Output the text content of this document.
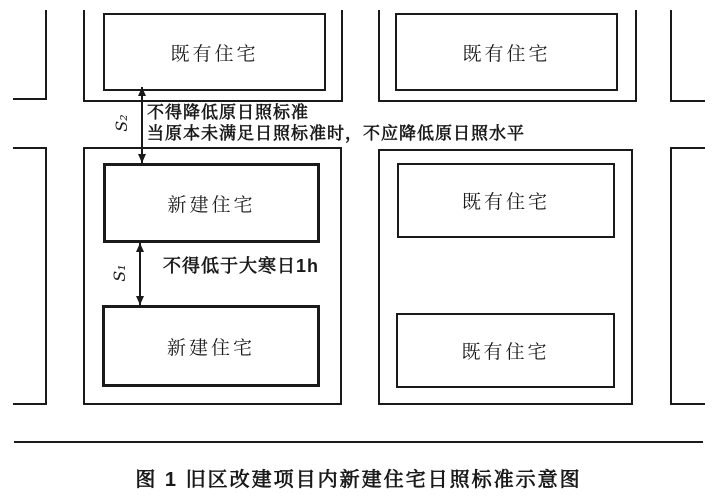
既有住宅	既有住宅
新建住宅
新建住宅
既有住宅
既有住宅
S₂
S₁
不得降低原日照标准
当原本未满足日照标准时，不应降低原日照水平
不得低于大寒日1h
图 1 旧区改建项目内新建住宅日照标准示意图
